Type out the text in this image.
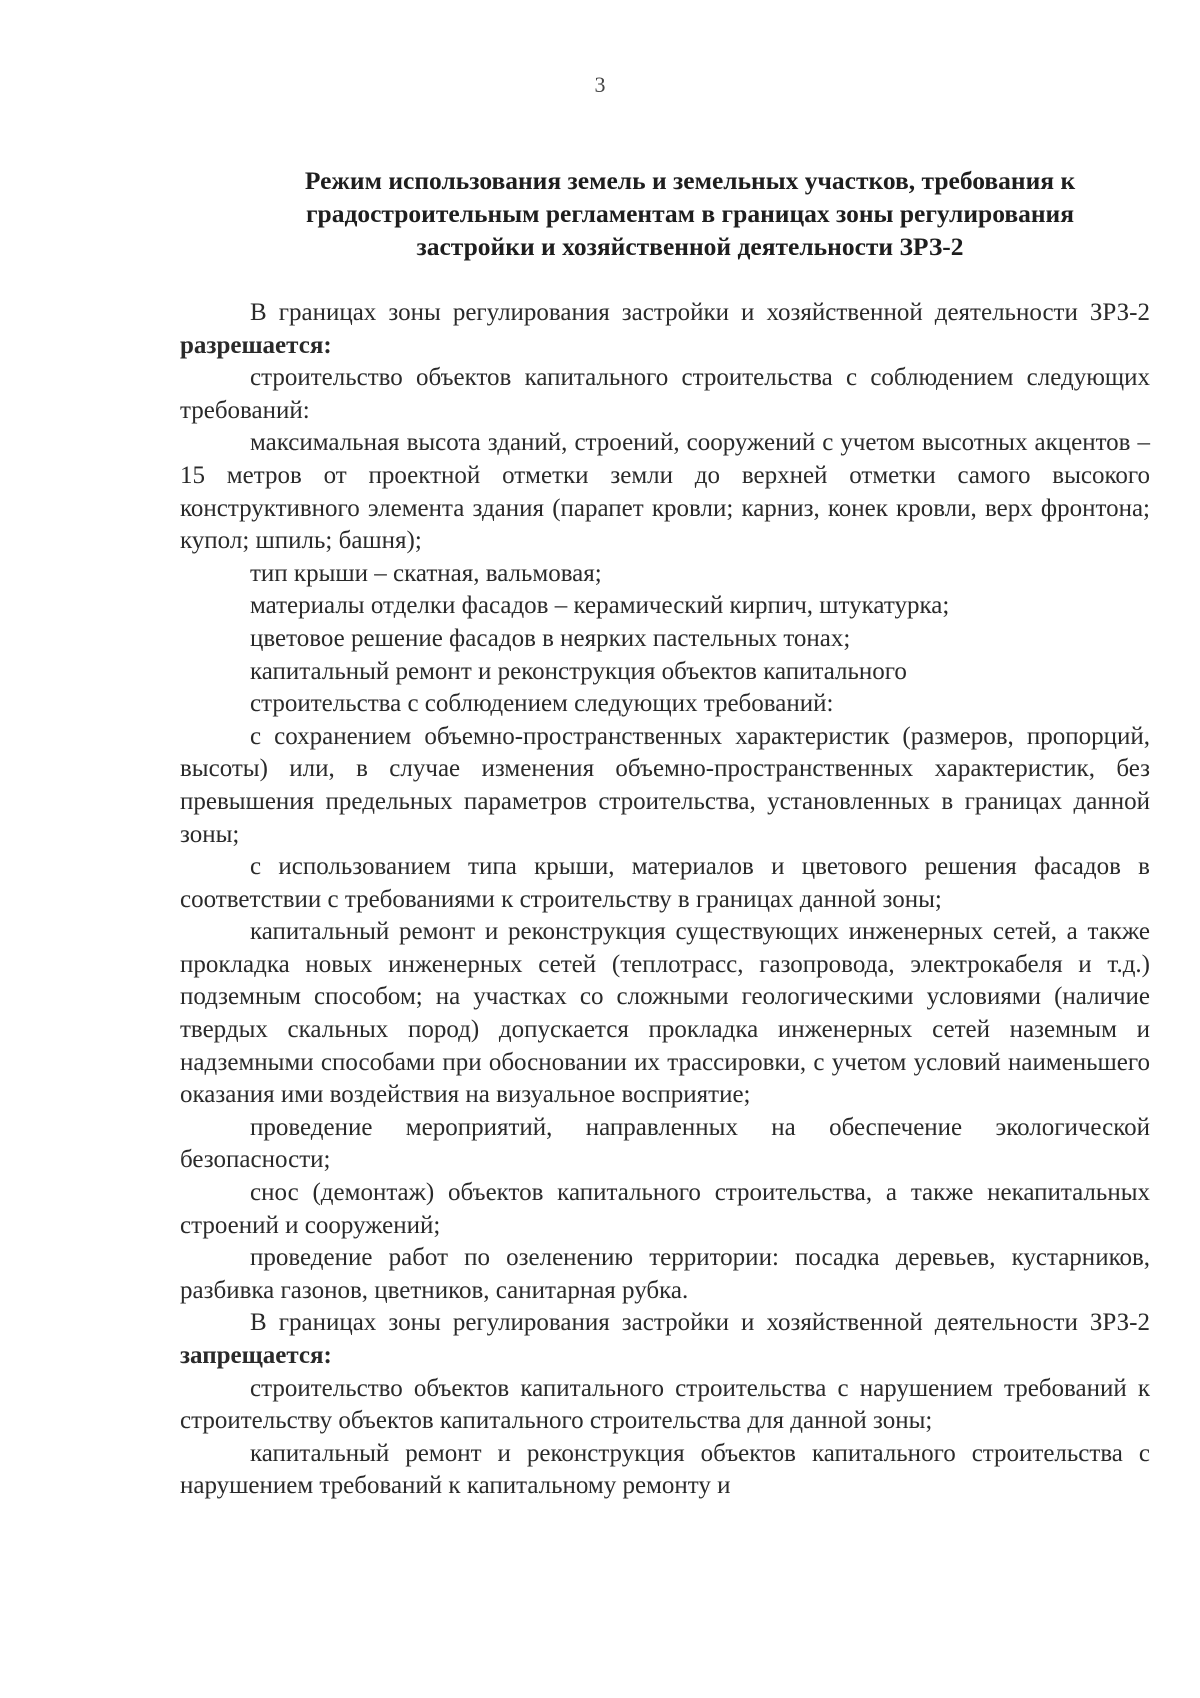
3
Режим использования земель и земельных участков, требования к
градостроительным регламентам в границах зоны регулирования
застройки и хозяйственной деятельности ЗРЗ-2

В границах зоны регулирования застройки и хозяйственной деятельности ЗРЗ-2 разрешается:

строительство объектов капитального строительства с соблюдением следующих требований:

максимальная высота зданий, строений, сооружений с учетом высотных акцентов – 15 метров от проектной отметки земли до верхней отметки самого высокого конструктивного элемента здания (парапет кровли; карниз, конек кровли, верх фронтона; купол; шпиль; башня);

тип крыши – скатная, вальмовая;

материалы отделки фасадов – керамический кирпич, штукатурка;

цветовое решение фасадов в неярких пастельных тонах;

капитальный ремонт и реконструкция объектов капитального

строительства с соблюдением следующих требований:

с сохранением объемно-пространственных характеристик (размеров, пропорций, высоты) или, в случае изменения объемно-пространственных характеристик, без превышения предельных параметров строительства, установленных в границах данной зоны;

с использованием типа крыши, материалов и цветового решения фасадов в соответствии с требованиями к строительству в границах данной зоны;

капитальный ремонт и реконструкция существующих инженерных сетей, а также прокладка новых инженерных сетей (теплотрасс, газопровода, электрокабеля и т.д.) подземным способом; на участках со сложными геологическими условиями (наличие твердых скальных пород) допускается прокладка инженерных сетей наземным и надземными способами при обосновании их трассировки, с учетом условий наименьшего оказания ими воздействия на визуальное восприятие;

проведение мероприятий, направленных на обеспечение экологической безопасности;

снос (демонтаж) объектов капитального строительства, а также некапитальных строений и сооружений;

проведение работ по озеленению территории: посадка деревьев, кустарников, разбивка газонов, цветников, санитарная рубка.

В границах зоны регулирования застройки и хозяйственной деятельности ЗРЗ-2 запрещается:

строительство объектов капитального строительства с нарушением требований к строительству объектов капитального строительства для данной зоны;

капитальный ремонт и реконструкция объектов капитального строительства с нарушением требований к капитальному ремонту и
